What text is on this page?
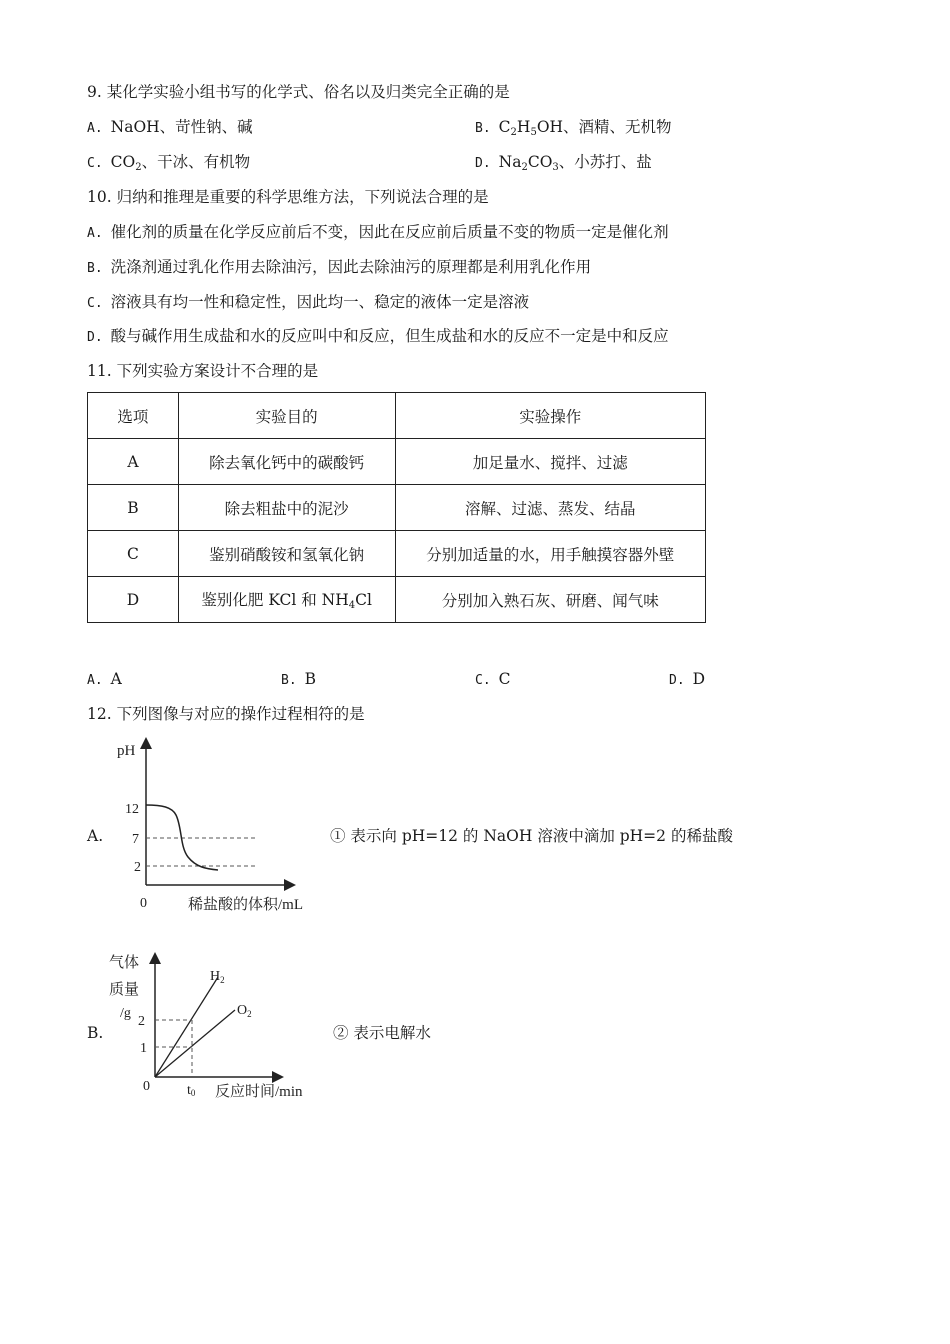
9. 某化学实验小组书写的化学式、俗名以及归类完全正确的是
A. NaOH、苛性钠、碱	B. $C_2H_5OH$、酒精、无机物
C. $CO_2$、干冰、有机物	D. $Na_2CO_3$、小苏打、盐
10. 归纳和推理是重要的科学思维方法，下列说法合理的是
A. 催化剂的质量在化学反应前后不变，因此在反应前后质量不变的物质一定是催化剂
B. 洗涤剂通过乳化作用去除油污，因此去除油污的原理都是利用乳化作用
C. 溶液具有均一性和稳定性，因此均一、稳定的液体一定是溶液
D. 酸与碱作用生成盐和水的反应叫中和反应，但生成盐和水的反应不一定是中和反应
11. 下列实验方案设计不合理的是
选项	实验目的	实验操作
A	除去氧化钙中的碳酸钙	加足量水、搅拌、过滤
B	除去粗盐中的泥沙	溶解、过滤、蒸发、结晶
C	鉴别硝酸铵和氢氧化钠	分别加适量的水，用手触摸容器外壁
D	鉴别化肥 KCl 和 $NH_4Cl$	分别加入熟石灰、研磨、闻气味
A. A	B. B	C. C	D. D
12. 下列图像与对应的操作过程相符的是
A.
pH
12
7
2
0	稀盐酸的体积/mL
① 表示向 pH=12 的 NaOH 溶液中滴加 pH=2 的稀盐酸
B.
气体
质量
/g
2
1
0	t0 反应时间/min
$H_2$
$O_2$
② 表示电解水
